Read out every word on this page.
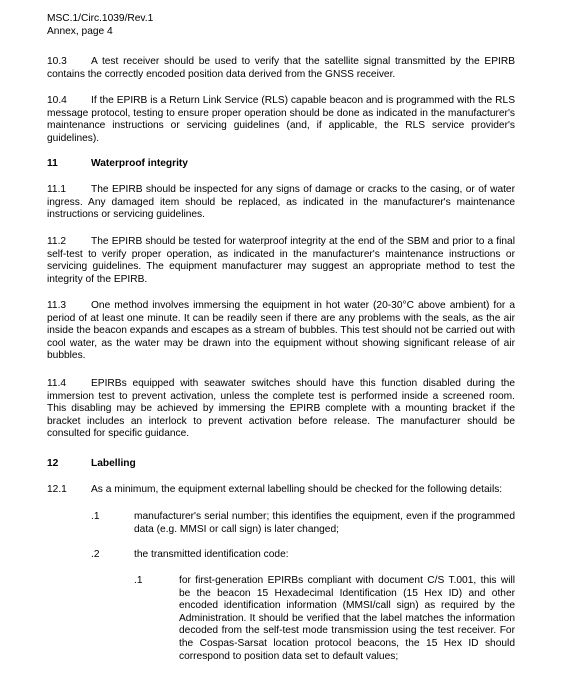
MSC.1/Circ.1039/Rev.1
Annex, page 4
10.3 A test receiver should be used to verify that the satellite signal transmitted by the EPIRB contains the correctly encoded position data derived from the GNSS receiver.
10.4 If the EPIRB is a Return Link Service (RLS) capable beacon and is programmed with the RLS message protocol, testing to ensure proper operation should be done as indicated in the manufacturer's maintenance instructions or servicing guidelines (and, if applicable, the RLS service provider's guidelines).
11	Waterproof integrity
11.1 The EPIRB should be inspected for any signs of damage or cracks to the casing, or of water ingress. Any damaged item should be replaced, as indicated in the manufacturer's maintenance instructions or servicing guidelines.
11.2 The EPIRB should be tested for waterproof integrity at the end of the SBM and prior to a final self-test to verify proper operation, as indicated in the manufacturer's maintenance instructions or servicing guidelines. The equipment manufacturer may suggest an appropriate method to test the integrity of the EPIRB.
11.3 One method involves immersing the equipment in hot water (20-30°C above ambient) for a period of at least one minute. It can be readily seen if there are any problems with the seals, as the air inside the beacon expands and escapes as a stream of bubbles. This test should not be carried out with cool water, as the water may be drawn into the equipment without showing significant release of air bubbles.
11.4 EPIRBs equipped with seawater switches should have this function disabled during the immersion test to prevent activation, unless the complete test is performed inside a screened room. This disabling may be achieved by immersing the EPIRB complete with a mounting bracket if the bracket includes an interlock to prevent activation before release. The manufacturer should be consulted for specific guidance.
12	Labelling
12.1 As a minimum, the equipment external labelling should be checked for the following details:
.1	manufacturer's serial number; this identifies the equipment, even if the programmed data (e.g. MMSI or call sign) is later changed;
.2	the transmitted identification code:
.1	for first-generation EPIRBs compliant with document C/S T.001, this will be the beacon 15 Hexadecimal Identification (15 Hex ID) and other encoded identification information (MMSI/call sign) as required by the Administration. It should be verified that the label matches the information decoded from the self-test mode transmission using the test receiver. For the Cospas-Sarsat location protocol beacons, the 15 Hex ID should correspond to position data set to default values;
